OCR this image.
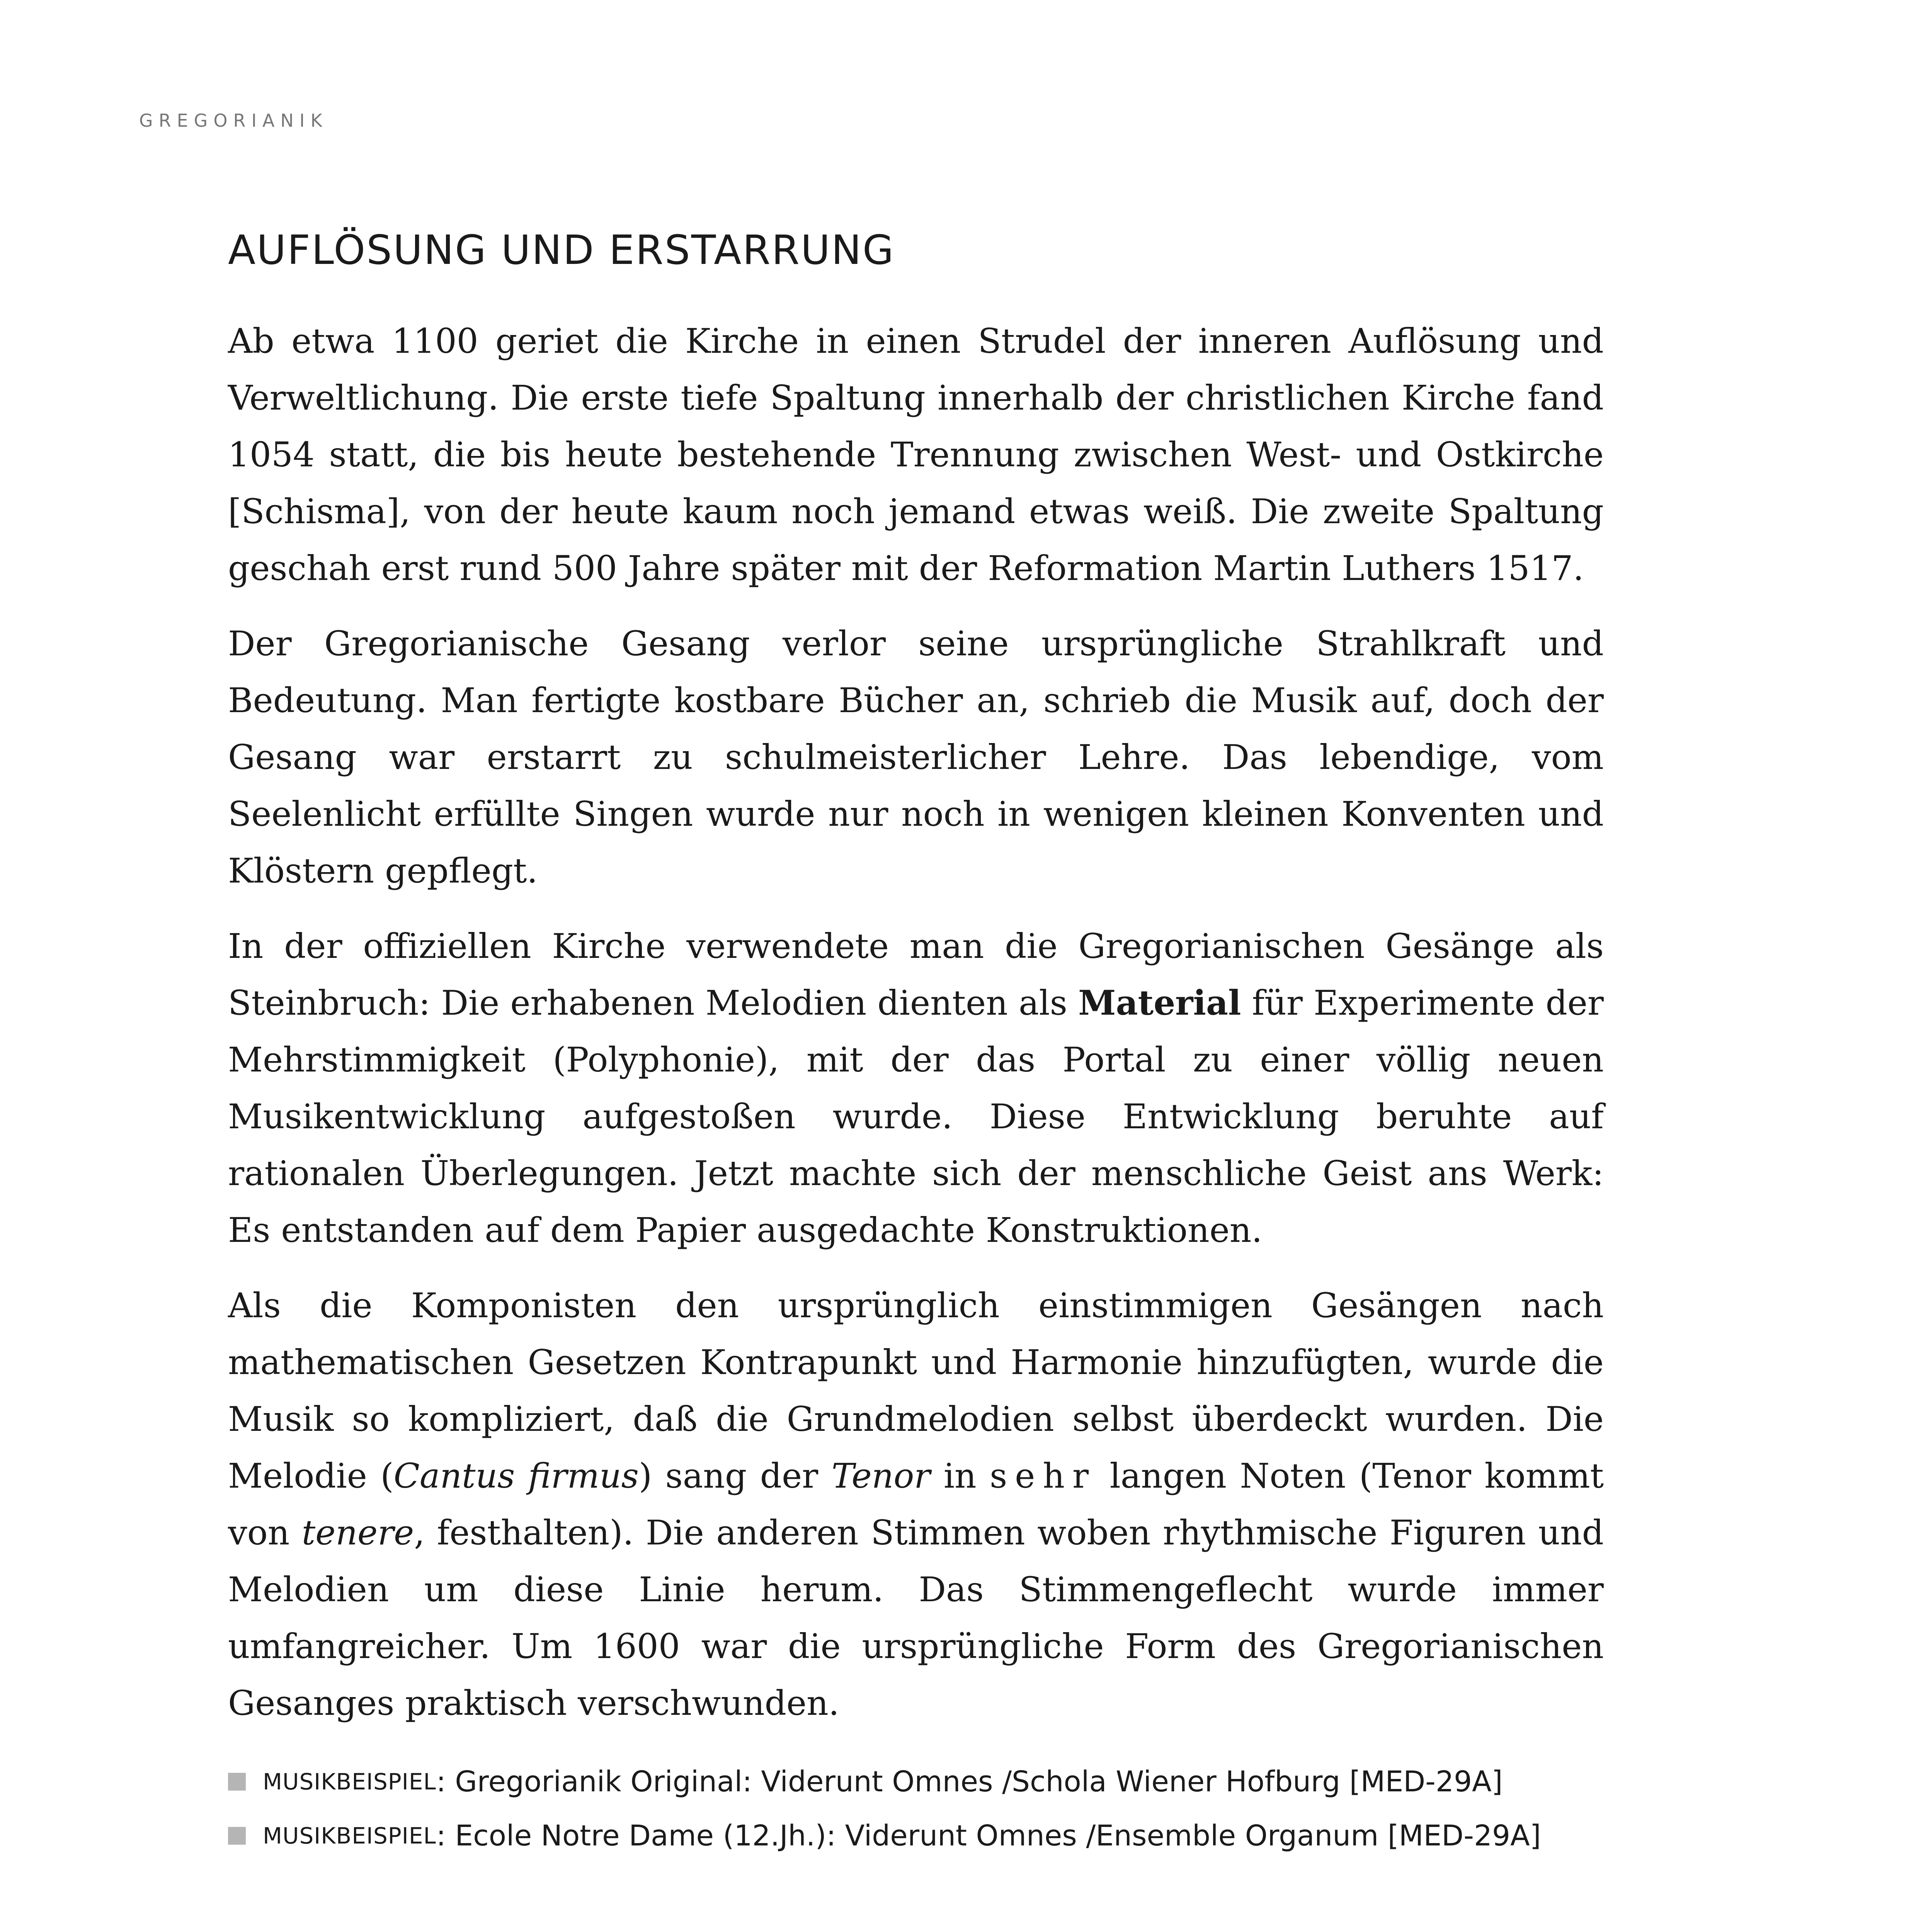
GREGORIANIK
AUFLÖSUNG UND ERSTARRUNG

Ab etwa 1100 geriet die Kirche in einen Strudel der inneren Auflösung und Verweltlichung. Die erste tiefe Spaltung innerhalb der christlichen Kirche fand 1054 statt, die bis heute bestehende Trennung zwischen West- und Ostkirche [Schisma], von der heute kaum noch jemand etwas weiß. Die zweite Spaltung geschah erst rund 500 Jahre später mit der Reformation Martin Luthers 1517.

Der Gregorianische Gesang verlor seine ursprüngliche Strahlkraft und Bedeutung. Man fertigte kostbare Bücher an, schrieb die Musik auf, doch der Gesang war erstarrt zu schulmeisterlicher Lehre. Das lebendige, vom Seelenlicht erfüllte Singen wurde nur noch in wenigen kleinen Konventen und Klöstern gepflegt.

In der offiziellen Kirche verwendete man die Gregorianischen Gesänge als Steinbruch: Die erhabenen Melodien dienten als Material für Experimente der Mehrstimmigkeit (Polyphonie), mit der das Portal zu einer völlig neuen Musikentwicklung aufgestoßen wurde. Diese Entwicklung beruhte auf rationalen Überlegungen. Jetzt machte sich der menschliche Geist ans Werk: Es entstanden auf dem Papier ausgedachte Konstruktionen.

Als die Komponisten den ursprünglich einstimmigen Gesängen nach mathematischen Gesetzen Kontrapunkt und Harmonie hinzufügten, wurde die Musik so kompliziert, daß die Grundmelodien selbst überdeckt wurden. Die Melodie (Cantus firmus) sang der Tenor in sehr langen Noten (Tenor kommt von tenere, festhalten). Die anderen Stimmen woben rhythmische Figuren und Melodien um diese Linie herum. Das Stimmengeflecht wurde immer umfangreicher. Um 1600 war die ursprüngliche Form des Gregorianischen Gesanges praktisch verschwunden.

MUSIKBEISPIEL : Gregorianik Original: Viderunt Omnes /Schola Wiener Hofburg [MED-29A]
MUSIKBEISPIEL : Ecole Notre Dame (12.Jh.): Viderunt Omnes /Ensemble Organum [MED-29A]
